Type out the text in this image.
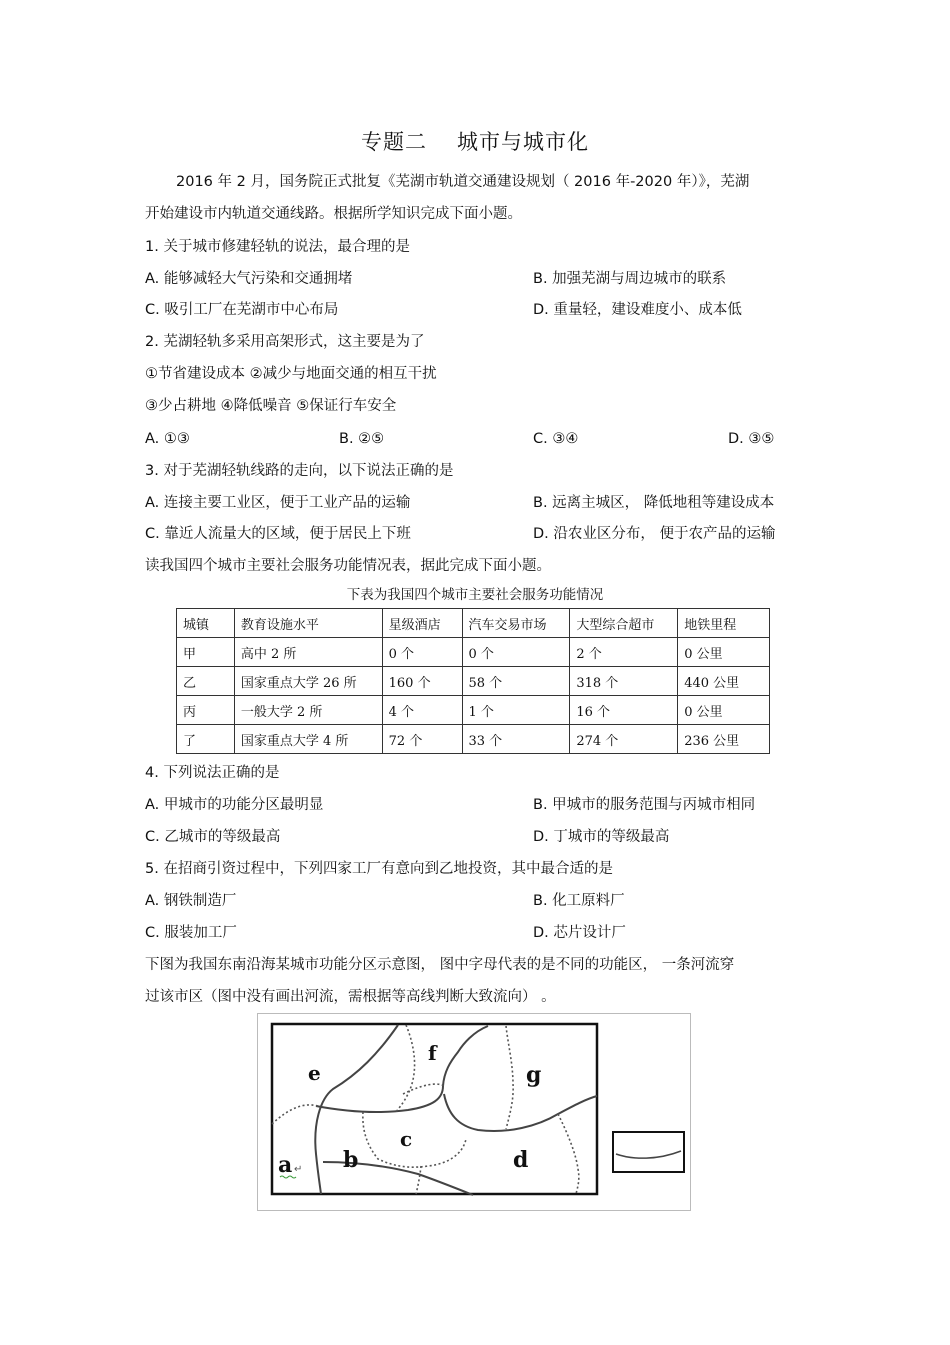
专题二 城市与城市化
2016 年 2 月，国务院正式批复《芜湖市轨道交通建设规划（ 2016 年-2020 年）》，芜湖
开始建设市内轨道交通线路。根据所学知识完成下面小题。
1. 关于城市修建轻轨的说法，最合理的是
A. 能够减轻大气污染和交通拥堵	B. 加强芜湖与周边城市的联系
C. 吸引工厂在芜湖市中心布局	D. 重量轻，建设难度小、成本低
2. 芜湖轻轨多采用高架形式，这主要是为了
①节省建设成本 ②减少与地面交通的相互干扰
③少占耕地 ④降低噪音 ⑤保证行车安全
A. ①③	B. ②⑤	C. ③④	D. ③⑤
3. 对于芜湖轻轨线路的走向，以下说法正确的是
A. 连接主要工业区，便于工业产品的运输	B. 远离主城区， 降低地租等建设成本
C. 靠近人流量大的区域，便于居民上下班	D. 沿农业区分布， 便于农产品的运输
读我国四个城市主要社会服务功能情况表，据此完成下面小题。
下表为我国四个城市主要社会服务功能情况
城镇	教育设施水平	星级酒店	汽车交易市场	大型综合超市	地铁里程
甲	高中 2 所	0 个	0 个	2 个	0 公里
乙	国家重点大学 26 所	160 个	58 个	318 个	440 公里
丙	一般大学 2 所	4 个	1 个	16 个	0 公里
了	国家重点大学 4 所	72 个	33 个	274 个	236 公里
4. 下列说法正确的是
A. 甲城市的功能分区最明显	B. 甲城市的服务范围与丙城市相同
C. 乙城市的等级最高	D. 丁城市的等级最高
5. 在招商引资过程中，下列四家工厂有意向到乙地投资，其中最合适的是
A. 钢铁制造厂	B. 化工原料厂
C. 服装加工厂	D. 芯片设计厂
下图为我国东南沿海某城市功能分区示意图， 图中字母代表的是不同的功能区， 一条河流穿
过该市区（图中没有画出河流，需根据等高线判断大致流向） 。
e
f
g
c
b	d
a ↵
